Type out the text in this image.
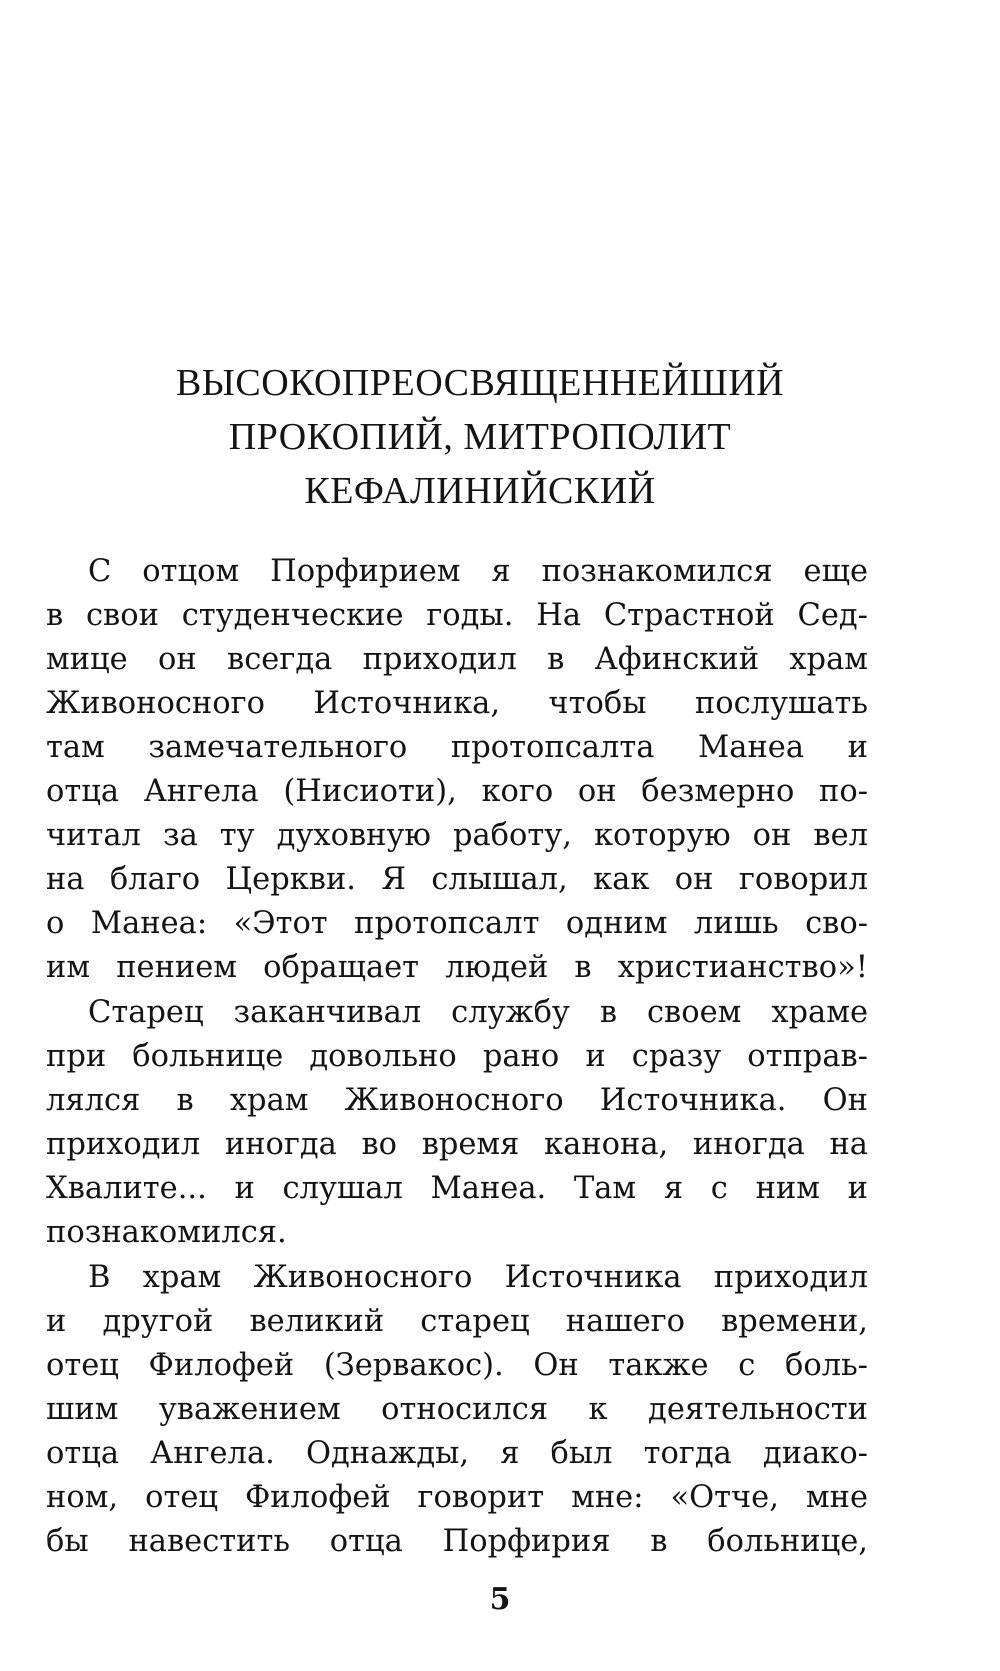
ВЫСОКОПРЕОСВЯЩЕННЕЙШИЙ
ПРОКОПИЙ, МИТРОПОЛИТ
КЕФАЛИНИЙСКИЙ
С отцом Порфирием я познакомился еще
в свои студенческие годы. На Страстной Сед-
мице он всегда приходил в Афинский храм
Живоносного Источника, чтобы послушать
там замечательного протопсалта Манеа и
отца Ангела (Нисиоти), кого он безмерно по-
читал за ту духовную работу, которую он вел
на благо Церкви. Я слышал, как он говорил
о Манеа: «Этот протопсалт одним лишь сво-
им пением обращает людей в христианство»!
Старец заканчивал службу в своем храме
при больнице довольно рано и сразу отправ-
лялся в храм Живоносного Источника. Он
приходил иногда во время канона, иногда на
Хвалите... и слушал Манеа. Там я с ним и
познакомился.
В храм Живоносного Источника приходил
и другой великий старец нашего времени,
отец Филофей (Зервакос). Он также с боль-
шим уважением относился к деятельности
отца Ангела. Однажды, я был тогда диако-
ном, отец Филофей говорит мне: «Отче, мне
бы навестить отца Порфирия в больнице,
5
